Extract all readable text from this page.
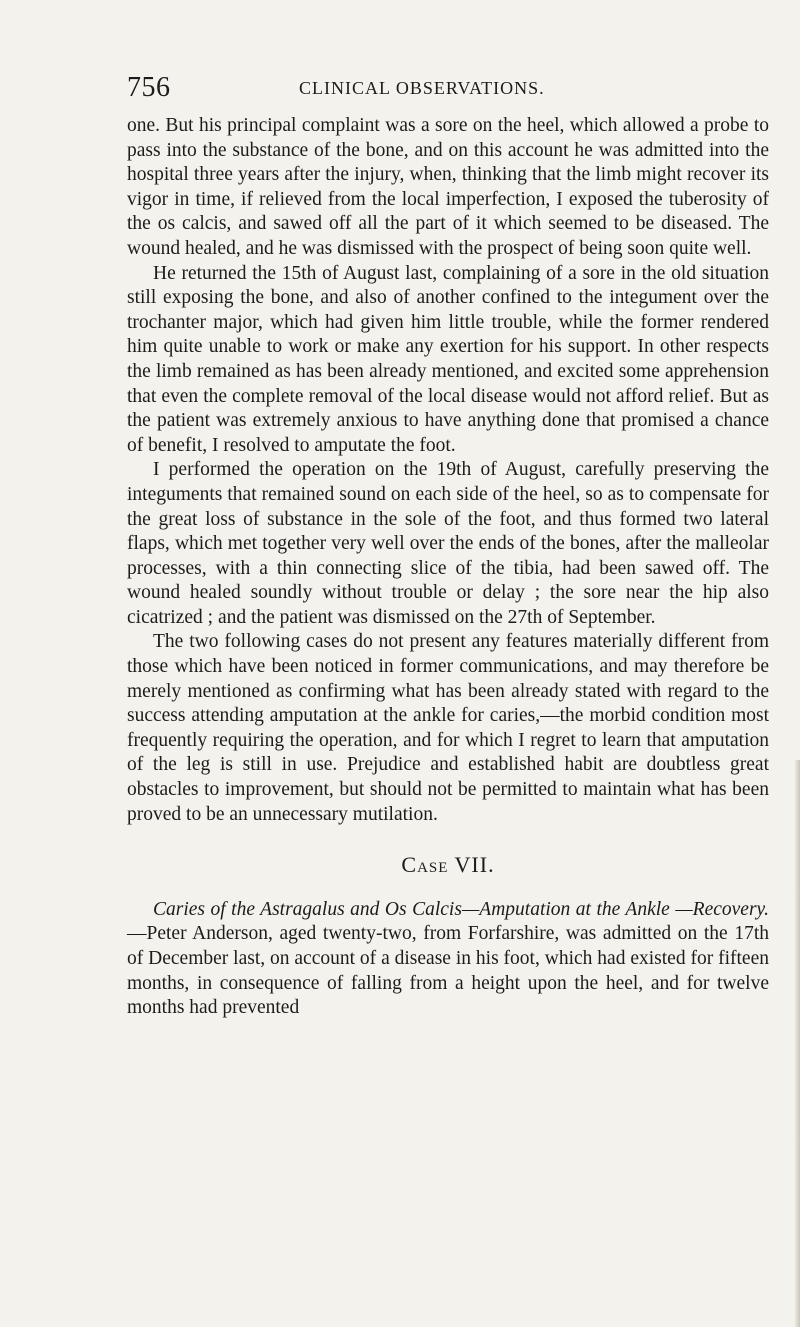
756	CLINICAL OBSERVATIONS.

one. But his principal complaint was a sore on the heel, which allowed a probe to pass into the substance of the bone, and on this account he was admitted into the hospital three years after the injury, when, thinking that the limb might recover its vigor in time, if relieved from the local imperfection, I exposed the tuberosity of the os calcis, and sawed off all the part of it which seemed to be diseased. The wound healed, and he was dismissed with the prospect of being soon quite well.

He returned the 15th of August last, complaining of a sore in the old situation still exposing the bone, and also of another confined to the integument over the trochanter major, which had given him little trouble, while the former rendered him quite unable to work or make any exertion for his support. In other respects the limb remained as has been already mentioned, and excited some apprehension that even the complete removal of the local disease would not afford relief. But as the patient was extremely anxious to have anything done that promised a chance of benefit, I resolved to amputate the foot.

I performed the operation on the 19th of August, carefully preserving the integuments that remained sound on each side of the heel, so as to compensate for the great loss of substance in the sole of the foot, and thus formed two lateral flaps, which met together very well over the ends of the bones, after the malleolar processes, with a thin connecting slice of the tibia, had been sawed off. The wound healed soundly without trouble or delay ; the sore near the hip also cicatrized ; and the patient was dismissed on the 27th of September.

The two following cases do not present any features materially different from those which have been noticed in former communications, and may therefore be merely mentioned as confirming what has been already stated with regard to the success attending amputation at the ankle for caries,—the morbid condition most frequently requiring the operation, and for which I regret to learn that amputation of the leg is still in use. Prejudice and established habit are doubtless great obstacles to improvement, but should not be permitted to maintain what has been proved to be an unnecessary mutilation.

Case VII.

Caries of the Astragalus and Os Calcis—Amputation at the Ankle —Recovery.—Peter Anderson, aged twenty-two, from Forfarshire, was admitted on the 17th of December last, on account of a disease in his foot, which had existed for fifteen months, in consequence of falling from a height upon the heel, and for twelve months had prevented
